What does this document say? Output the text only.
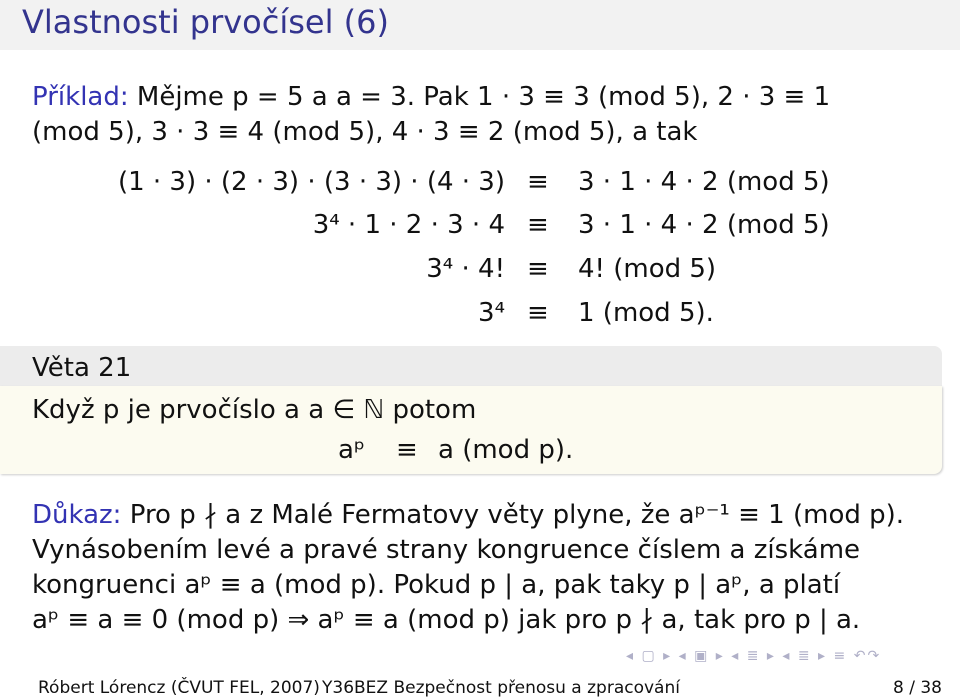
Vlastnosti prvočísel (6)
Příklad: Mějme p = 5 a a = 3. Pak 1 · 3 ≡ 3 (mod 5), 2 · 3 ≡ 1
(mod 5), 3 · 3 ≡ 4 (mod 5), 4 · 3 ≡ 2 (mod 5), a tak
(1 · 3) · (2 · 3) · (3 · 3) · (4 · 3) ≡ 3 · 1 · 4 · 2 (mod 5)
3⁴ · 1 · 2 · 3 · 4 ≡ 3 · 1 · 4 · 2 (mod 5)
3⁴ · 4! ≡ 4! (mod 5)
3⁴ ≡ 1 (mod 5).
Věta 21
Když p je prvočíslo a a ∈ ℕ potom
aᵖ ≡ a (mod p).
Důkaz: Pro p ∤ a z Malé Fermatovy věty plyne, že aᵖ⁻¹ ≡ 1 (mod p).
Vynásobením levé a pravé strany kongruence číslem a získáme
kongruenci aᵖ ≡ a (mod p). Pokud p | a, pak taky p | aᵖ, a platí
aᵖ ≡ a ≡ 0 (mod p) ⇒ aᵖ ≡ a (mod p) jak pro p ∤ a, tak pro p | a.
◂ ▢ ▸ ◂ ▣ ▸ ◂ ≣ ▸ ◂ ≣ ▸ ≡ ↶↷
Róbert Lórencz (ČVUT FEL, 2007) Y36BEZ Bezpečnost přenosu a zpracování	8 / 38
